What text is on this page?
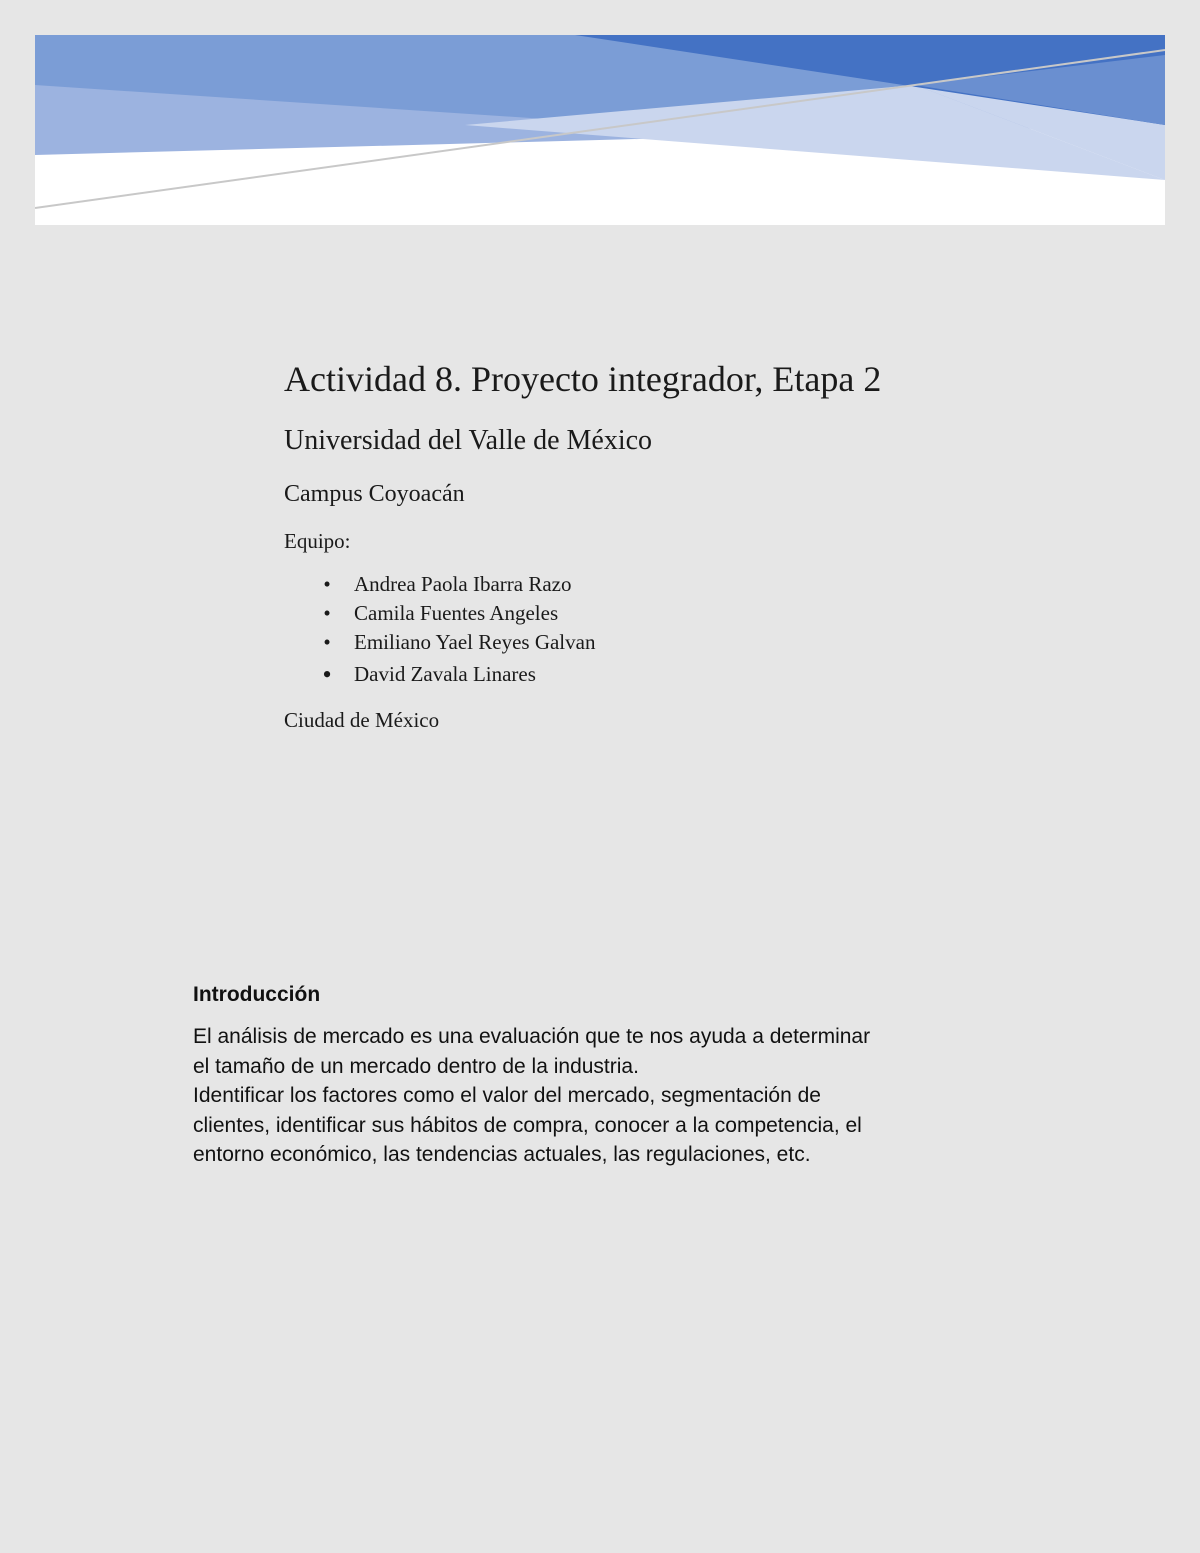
Actividad 8. Proyecto integrador, Etapa 2
Universidad del Valle de México
Campus Coyoacán
Equipo:
• Andrea Paola Ibarra Razo
• Camila Fuentes Angeles
• Emiliano Yael Reyes Galvan
• David Zavala Linares
Ciudad de México
Introducción

El análisis de mercado es una evaluación que te nos ayuda a determinar
el tamaño de un mercado dentro de la industria.
Identificar los factores como el valor del mercado, segmentación de
clientes, identificar sus hábitos de compra, conocer a la competencia, el
entorno económico, las tendencias actuales, las regulaciones, etc.
